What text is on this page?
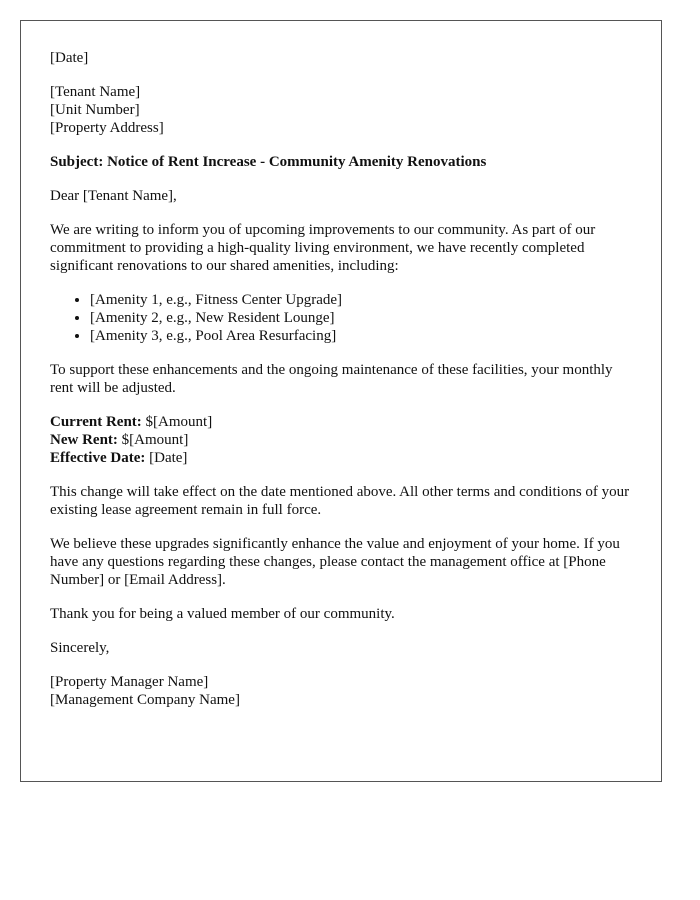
[Date]

[Tenant Name]
[Unit Number]
[Property Address]

Subject: Notice of Rent Increase - Community Amenity Renovations

Dear [Tenant Name],

We are writing to inform you of upcoming improvements to our community. As part of our commitment to providing a high-quality living environment, we have recently completed significant renovations to our shared amenities, including:

• [Amenity 1, e.g., Fitness Center Upgrade]
• [Amenity 2, e.g., New Resident Lounge]
• [Amenity 3, e.g., Pool Area Resurfacing]

To support these enhancements and the ongoing maintenance of these facilities, your monthly rent will be adjusted.

Current Rent: $[Amount]
New Rent: $[Amount]
Effective Date: [Date]

This change will take effect on the date mentioned above. All other terms and conditions of your existing lease agreement remain in full force.

We believe these upgrades significantly enhance the value and enjoyment of your home. If you have any questions regarding these changes, please contact the management office at [Phone Number] or [Email Address].

Thank you for being a valued member of our community.

Sincerely,

[Property Manager Name]
[Management Company Name]
